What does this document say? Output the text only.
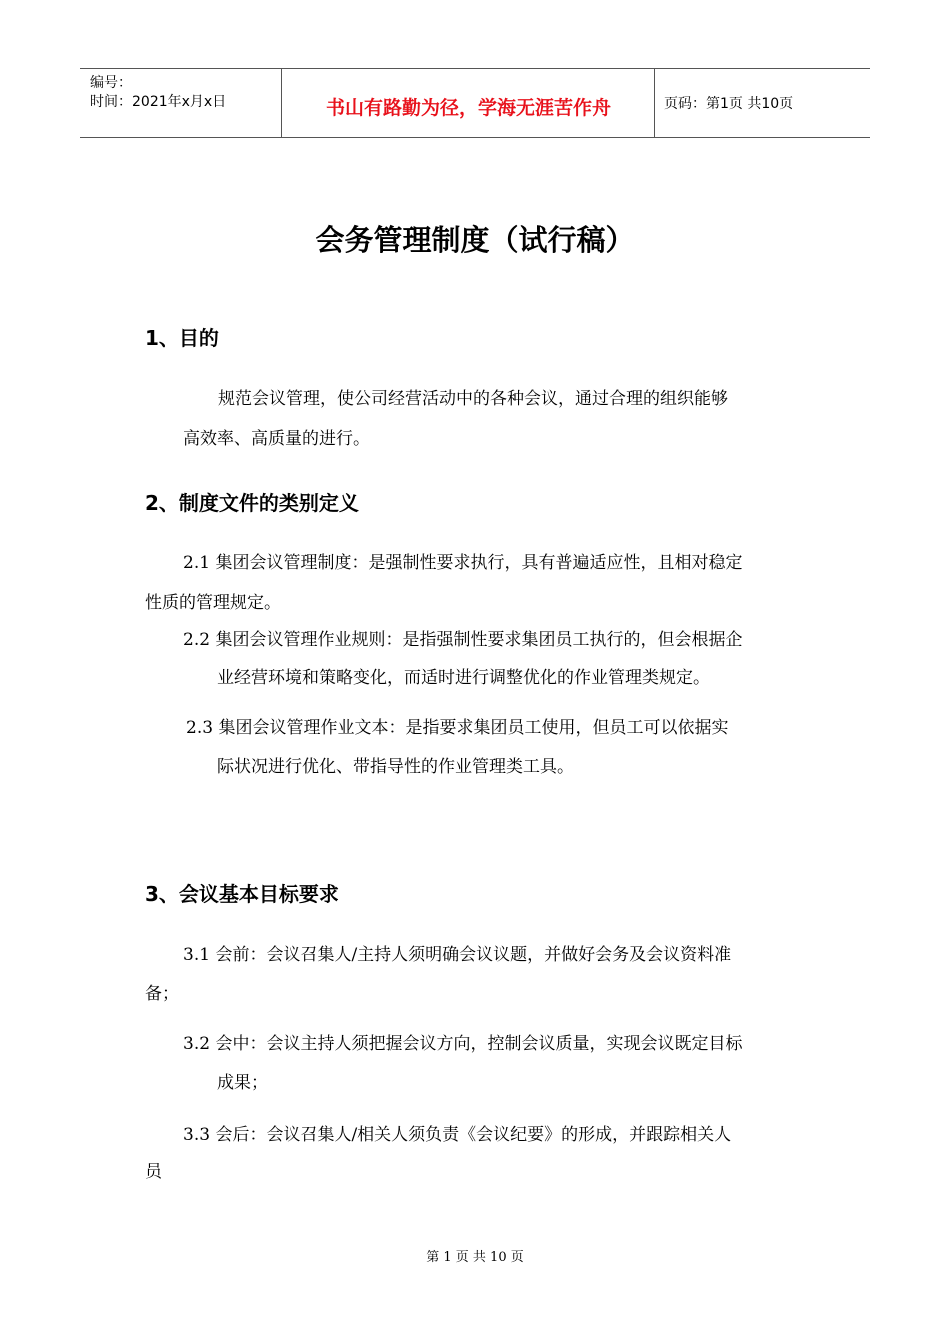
编号：
时间：2021年x月x日	书山有路勤为径，学海无涯苦作舟	页码：第1页 共10页
会务管理制度（试行稿）
1、目的
规范会议管理，使公司经营活动中的各种会议，通过合理的组织能够
高效率、高质量的进行。
2、制度文件的类别定义
2.1 集团会议管理制度：是强制性要求执行，具有普遍适应性，且相对稳定
性质的管理规定。
2.2 集团会议管理作业规则：是指强制性要求集团员工执行的，但会根据企
业经营环境和策略变化，而适时进行调整优化的作业管理类规定。
2.3 集团会议管理作业文本：是指要求集团员工使用，但员工可以依据实
际状况进行优化、带指导性的作业管理类工具。
3、会议基本目标要求
3.1 会前：会议召集人/主持人须明确会议议题，并做好会务及会议资料准
备；
3.2 会中：会议主持人须把握会议方向，控制会议质量，实现会议既定目标
成果；
3.3 会后：会议召集人/相关人须负责《会议纪要》的形成，并跟踪相关人
员
第 1 页 共 10 页
